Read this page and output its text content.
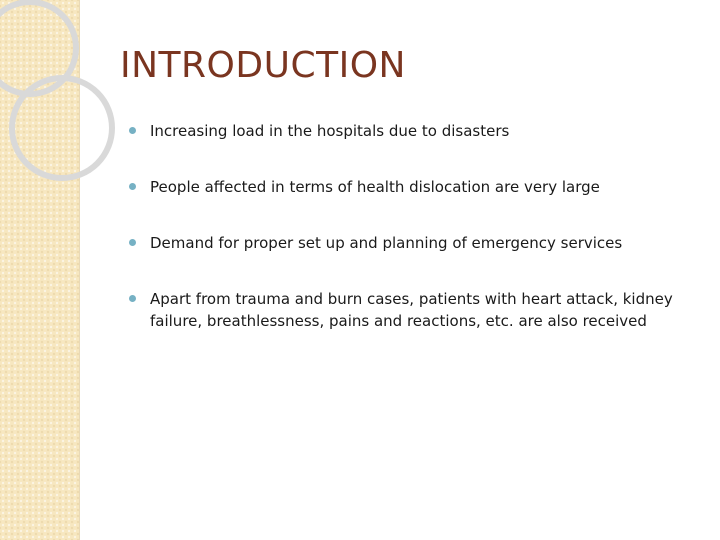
INTRODUCTION
Increasing load in the hospitals due to disasters
People affected in terms of health dislocation are very large
Demand for proper set up and planning of emergency services
Apart from trauma and burn cases, patients with heart attack, kidney failure, breathlessness, pains and reactions, etc. are also received
